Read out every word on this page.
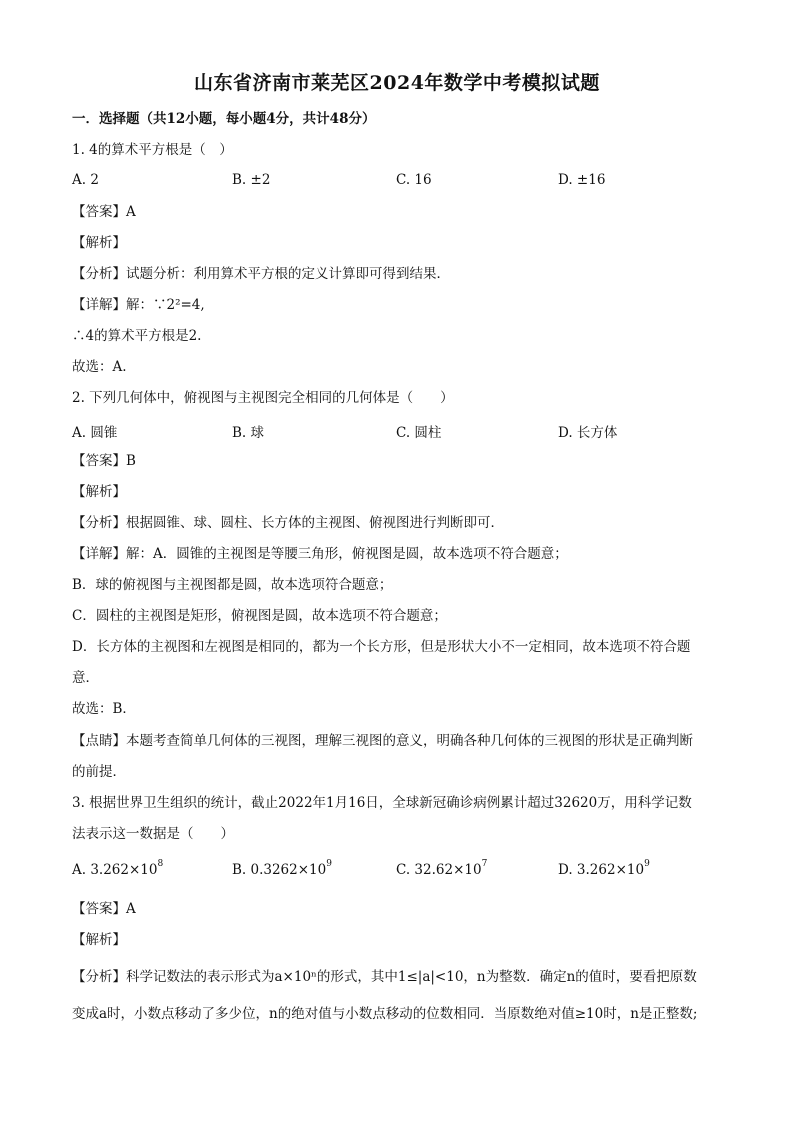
山东省济南市莱芜区2024年数学中考模拟试题
一．选择题（共12小题，每小题4分，共计48分）
1. 4的算术平方根是（　）
A. 2	B. ±2	C. 16	D. ±16
【答案】A
【解析】
【分析】试题分析：利用算术平方根的定义计算即可得到结果．
【详解】解：∵2²=4,
∴4的算术平方根是2.
故选：A.
2. 下列几何体中，俯视图与主视图完全相同的几何体是（　　）
A. 圆锥	B. 球	C. 圆柱	D. 长方体
【答案】B
【解析】
【分析】根据圆锥、球、圆柱、长方体的主视图、俯视图进行判断即可．
【详解】解：A．圆锥的主视图是等腰三角形，俯视图是圆，故本选项不符合题意；
B．球的俯视图与主视图都是圆，故本选项符合题意；
C．圆柱的主视图是矩形，俯视图是圆，故本选项不符合题意；
D．长方体的主视图和左视图是相同的，都为一个长方形，但是形状大小不一定相同，故本选项不符合题
意．
故选：B．
【点睛】本题考查简单几何体的三视图，理解三视图的意义，明确各种几何体的三视图的形状是正确判断
的前提．
3. 根据世界卫生组织的统计，截止2022年1月16日，全球新冠确诊病例累计超过32620万，用科学记数
法表示这一数据是（　　）
A. $3.262\times 10^8$	B. $0.3262\times 10^9$	C. $32.62\times 10^7$	D. $3.262\times 10^9$
【答案】A
【解析】
【分析】科学记数法的表示形式为a×10ⁿ的形式，其中1≤|a|<10，n为整数．确定n的值时，要看把原数
变成a时，小数点移动了多少位，n的绝对值与小数点移动的位数相同．当原数绝对值≥10时，n是正整数;
